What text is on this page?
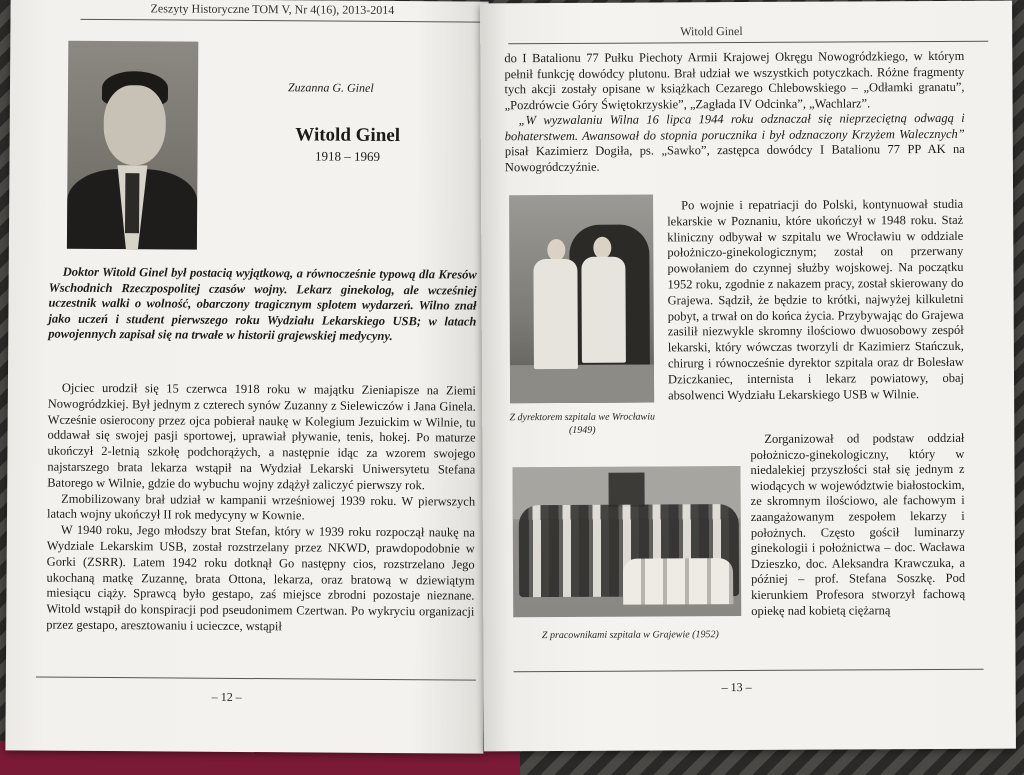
Zeszyty Historyczne TOM V, Nr 4(16), 2013-2014
Zuzanna G. Ginel
Witold Ginel
1918 – 1969

Doktor Witold Ginel był postacią wyjątkową, a równocześnie typową dla Kresów Wschodnich Rzeczpospolitej czasów wojny. Lekarz ginekolog, ale wcześniej uczestnik walki o wolność, obarczony tragicznym splotem wydarzeń. Wilno znał jako uczeń i student pierwszego roku Wydziału Lekarskiego USB; w latach powojennych zapisał się na trwałe w historii grajewskiej medycyny.

Ojciec urodził się 15 czerwca 1918 roku w majątku Zieniapisze na Ziemi Nowogródzkiej. Był jednym z czterech synów Zuzanny z Sielewiczów i Jana Ginela. Wcześnie osierocony przez ojca pobierał naukę w Kolegium Jezuickim w Wilnie, tu oddawał się swojej pasji sportowej, uprawiał pływanie, tenis, hokej. Po maturze ukończył 2-letnią szkołę podchorążych, a następnie idąc za wzorem swojego najstarszego brata lekarza wstąpił na Wydział Lekarski Uniwersytetu Stefana Batorego w Wilnie, gdzie do wybuchu wojny zdążył zaliczyć pierwszy rok.

Zmobilizowany brał udział w kampanii wrześniowej 1939 roku. W pierwszych latach wojny ukończył II rok medycyny w Kownie.

W 1940 roku, Jego młodszy brat Stefan, który w 1939 roku rozpoczął naukę na Wydziale Lekarskim USB, został rozstrzelany przez NKWD, prawdopodobnie w Gorki (ZSRR). Latem 1942 roku dotknął Go następny cios, rozstrzelano Jego ukochaną matkę Zuzannę, brata Ottona, lekarza, oraz bratową w dziewiątym miesiącu ciąży. Sprawcą było gestapo, zaś miejsce zbrodni pozostaje nieznane. Witold wstąpił do konspiracji pod pseudonimem Czertwan. Po wykryciu organizacji przez gestapo, aresztowaniu i ucieczce, wstąpił

– 12 –
Witold Ginel

do I Batalionu 77 Pułku Piechoty Armii Krajowej Okręgu Nowogródzkiego, w którym pełnił funkcję dowódcy plutonu. Brał udział we wszystkich potyczkach. Różne fragmenty tych akcji zostały opisane w książkach Cezarego Chlebowskiego – „Odłamki granatu”, „Pozdrówcie Góry Świętokrzyskie”, „Zagłada IV Odcinka”, „Wachlarz”.

„W wyzwalaniu Wilna 16 lipca 1944 roku odznaczał się nieprzeciętną odwagą i bohaterstwem. Awansował do stopnia porucznika i był odznaczony Krzyżem Walecznych” pisał Kazimierz Dogiła, ps. „Sawko”, zastępca dowódcy I Batalionu 77 PP AK na Nowogródczyźnie.

Z dyrektorem szpitala we Wrocławiu (1949)

Po wojnie i repatriacji do Polski, kontynuował studia lekarskie w Poznaniu, które ukończył w 1948 roku. Staż kliniczny odbywał w szpitalu we Wrocławiu w oddziale położniczo-ginekologicznym; został on przerwany powołaniem do czynnej służby wojskowej. Na początku 1952 roku, zgodnie z nakazem pracy, został skierowany do Grajewa. Sądził, że będzie to krótki, najwyżej kilkuletni pobyt, a trwał on do końca życia. Przybywając do Grajewa zasilił niezwykle skromny ilościowo dwuosobowy zespół lekarski, który wówczas tworzyli dr Kazimierz Stańczuk, chirurg i równocześnie dyrektor szpitala oraz dr Bolesław Dziczkaniec, internista i lekarz powiatowy, obaj absolwenci Wydziału Lekarskiego USB w Wilnie.

Z pracownikami szpitala w Grajewie (1952)

Zorganizował od podstaw oddział położniczo-ginekologiczny, który w niedalekiej przyszłości stał się jednym z wiodących w województwie białostockim, ze skromnym ilościowo, ale fachowym i zaangażowanym zespołem lekarzy i położnych. Często gościł luminarzy ginekologii i położnictwa – doc. Wacława Dzieszko, doc. Aleksandra Krawczuka, a później – prof. Stefana Soszkę. Pod kierunkiem Profesora stworzył fachową opiekę nad kobietą ciężarną

– 13 –
